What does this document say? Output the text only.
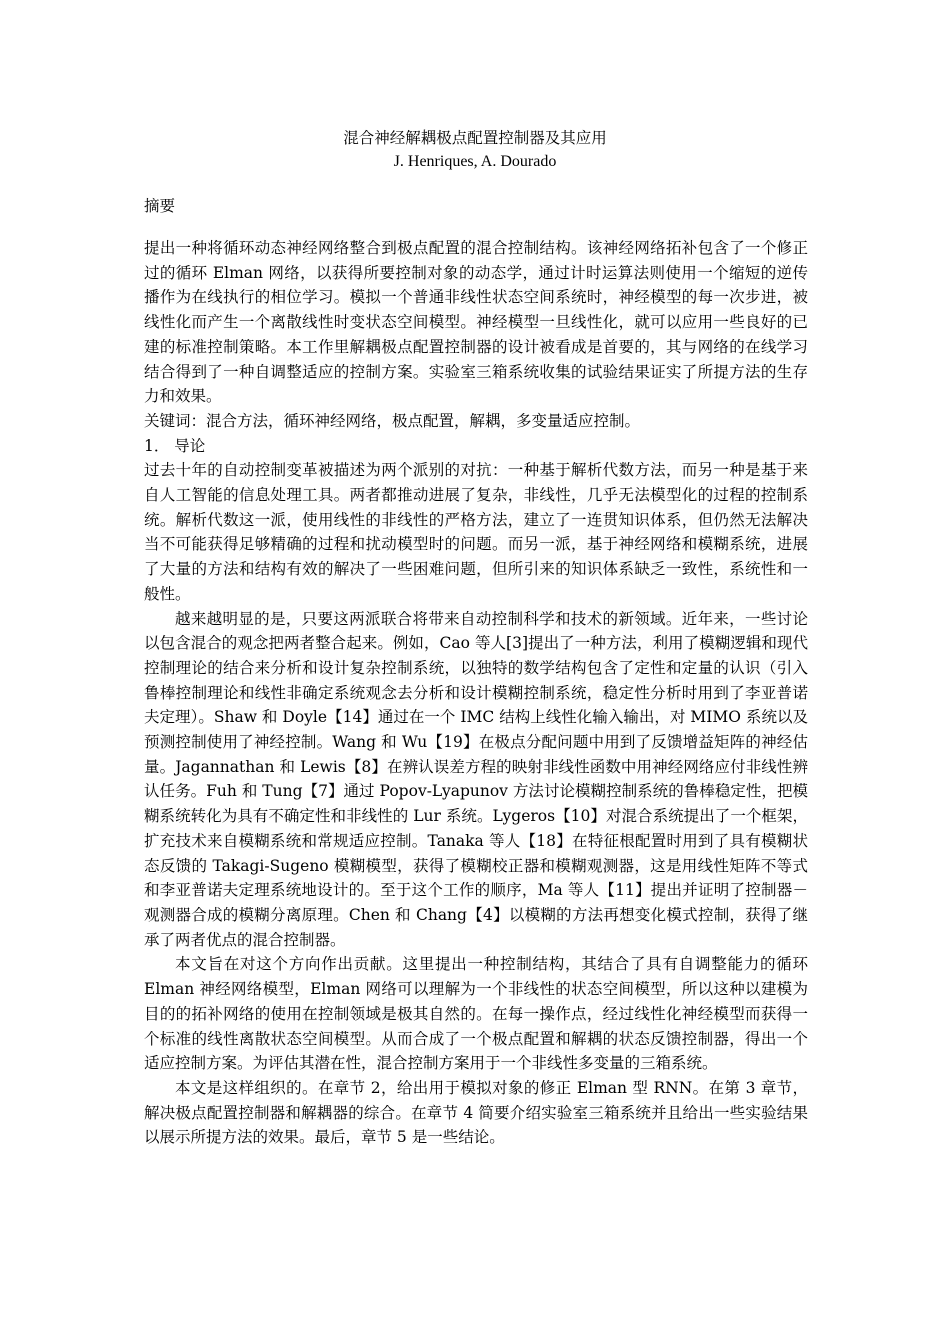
混合神经解耦极点配置控制器及其应用
J. Henriques, A. Dourado
摘要

提出一种将循环动态神经网络整合到极点配置的混合控制结构。该神经网络拓补包含了一个修正过的循环 Elman 网络，以获得所要控制对象的动态学，通过计时运算法则使用一个缩短的逆传播作为在线执行的相位学习。模拟一个普通非线性状态空间系统时，神经模型的每一次步进，被线性化而产生一个离散线性时变状态空间模型。神经模型一旦线性化，就可以应用一些良好的已建的标准控制策略。本工作里解耦极点配置控制器的设计被看成是首要的，其与网络的在线学习结合得到了一种自调整适应的控制方案。实验室三箱系统收集的试验结果证实了所提方法的生存力和效果。

关键词：混合方法，循环神经网络，极点配置，解耦，多变量适应控制。

1． 导论

过去十年的自动控制变革被描述为两个派别的对抗：一种基于解析代数方法，而另一种是基于来自人工智能的信息处理工具。两者都推动进展了复杂，非线性，几乎无法模型化的过程的控制系统。解析代数这一派，使用线性的非线性的严格方法，建立了一连贯知识体系，但仍然无法解决当不可能获得足够精确的过程和扰动模型时的问题。而另一派，基于神经网络和模糊系统，进展了大量的方法和结构有效的解决了一些困难问题，但所引来的知识体系缺乏一致性，系统性和一般性。

越来越明显的是，只要这两派联合将带来自动控制科学和技术的新领域。近年来，一些讨论以包含混合的观念把两者整合起来。例如，Cao 等人[3]提出了一种方法，利用了模糊逻辑和现代控制理论的结合来分析和设计复杂控制系统，以独特的数学结构包含了定性和定量的认识（引入鲁棒控制理论和线性非确定系统观念去分析和设计模糊控制系统，稳定性分析时用到了李亚普诺夫定理）。Shaw 和 Doyle【14】通过在一个 IMC 结构上线性化输入输出，对 MIMO 系统以及预测控制使用了神经控制。Wang 和 Wu【19】在极点分配问题中用到了反馈增益矩阵的神经估量。Jagannathan 和 Lewis【8】在辨认误差方程的映射非线性函数中用神经网络应付非线性辨认任务。Fuh 和 Tung【7】通过 Popov-Lyapunov 方法讨论模糊控制系统的鲁棒稳定性，把模糊系统转化为具有不确定性和非线性的 Lur 系统。Lygeros【10】对混合系统提出了一个框架，扩充技术来自模糊系统和常规适应控制。Tanaka 等人【18】在特征根配置时用到了具有模糊状态反馈的 Takagi-Sugeno 模糊模型，获得了模糊校正器和模糊观测器，这是用线性矩阵不等式和李亚普诺夫定理系统地设计的。至于这个工作的顺序，Ma 等人【11】提出并证明了控制器－观测器合成的模糊分离原理。Chen 和 Chang【4】以模糊的方法再想变化模式控制，获得了继承了两者优点的混合控制器。

本文旨在对这个方向作出贡献。这里提出一种控制结构，其结合了具有自调整能力的循环 Elman 神经网络模型，Elman 网络可以理解为一个非线性的状态空间模型，所以这种以建模为目的的拓补网络的使用在控制领域是极其自然的。在每一操作点，经过线性化神经模型而获得一个标准的线性离散状态空间模型。从而合成了一个极点配置和解耦的状态反馈控制器，得出一个适应控制方案。为评估其潜在性，混合控制方案用于一个非线性多变量的三箱系统。

本文是这样组织的。在章节 2，给出用于模拟对象的修正 Elman 型 RNN。在第 3 章节，解决极点配置控制器和解耦器的综合。在章节 4 简要介绍实验室三箱系统并且给出一些实验结果以展示所提方法的效果。最后，章节 5 是一些结论。
